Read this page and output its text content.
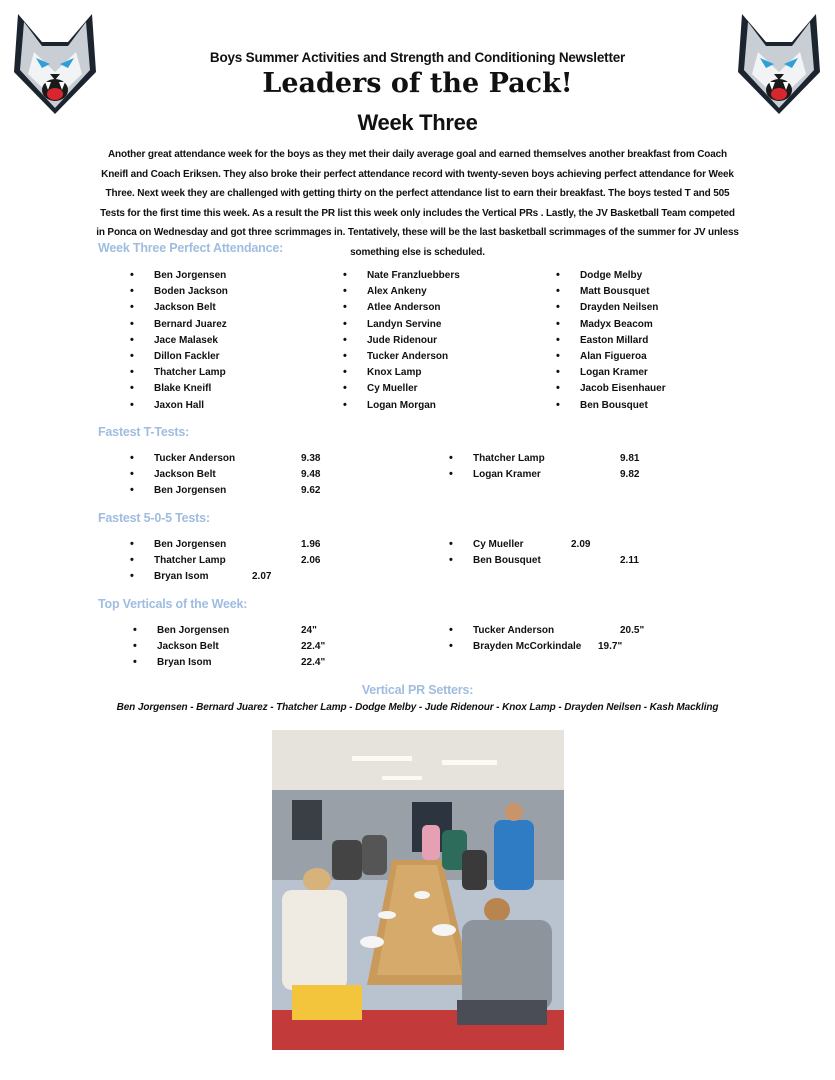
Boys Summer Activities and Strength and Conditioning Newsletter
Leaders of the Pack!
Week Three
Another great attendance week for the boys as they met their daily average goal and earned themselves another breakfast from Coach Kneifl and Coach Eriksen. They also broke their perfect attendance record with twenty-seven boys achieving perfect attendance for Week Three. Next week they are challenged with getting thirty on the perfect attendance list to earn their breakfast. The boys tested T and 505 Tests for the first time this week. As a result the PR list this week only includes the Vertical PRs . Lastly, the JV Basketball Team competed in Ponca on Wednesday and got three scrimmages in. Tentatively, these will be the last basketball scrimmages of the summer for JV unless something else is scheduled.
Week Three Perfect Attendance:
• Ben Jorgensen
• Boden Jackson
• Jackson Belt
• Bernard Juarez
• Jace Malasek
• Dillon Fackler
• Thatcher Lamp
• Blake Kneifl
• Jaxon Hall
• Nate Franzluebbers
• Alex Ankeny
• Atlee Anderson
• Landyn Servine
• Jude Ridenour
• Tucker Anderson
• Knox Lamp
• Cy Mueller
• Logan Morgan
• Dodge Melby
• Matt Bousquet
• Drayden Neilsen
• Madyx Beacom
• Easton Millard
• Alan Figueroa
• Logan Kramer
• Jacob Eisenhauer
• Ben Bousquet
Fastest T-Tests:
• Tucker Anderson	9.38
• Jackson Belt	9.48
• Ben Jorgensen	9.62
• Thatcher Lamp	9.81
• Logan Kramer	9.82
Fastest 5-0-5 Tests:
• Ben Jorgensen	1.96
• Thatcher Lamp	2.06
• Bryan Isom	2.07
• Cy Mueller	2.09
• Ben Bousquet	2.11
Top Verticals of the Week:
• Ben Jorgensen	24"
• Jackson Belt	22.4"
• Bryan Isom	22.4"
• Tucker Anderson	20.5"
• Brayden McCorkindale 19.7"
Vertical PR Setters:
Ben Jorgensen - Bernard Juarez - Thatcher Lamp - Dodge Melby - Jude Ridenour - Knox Lamp - Drayden Neilsen - Kash Mackling
